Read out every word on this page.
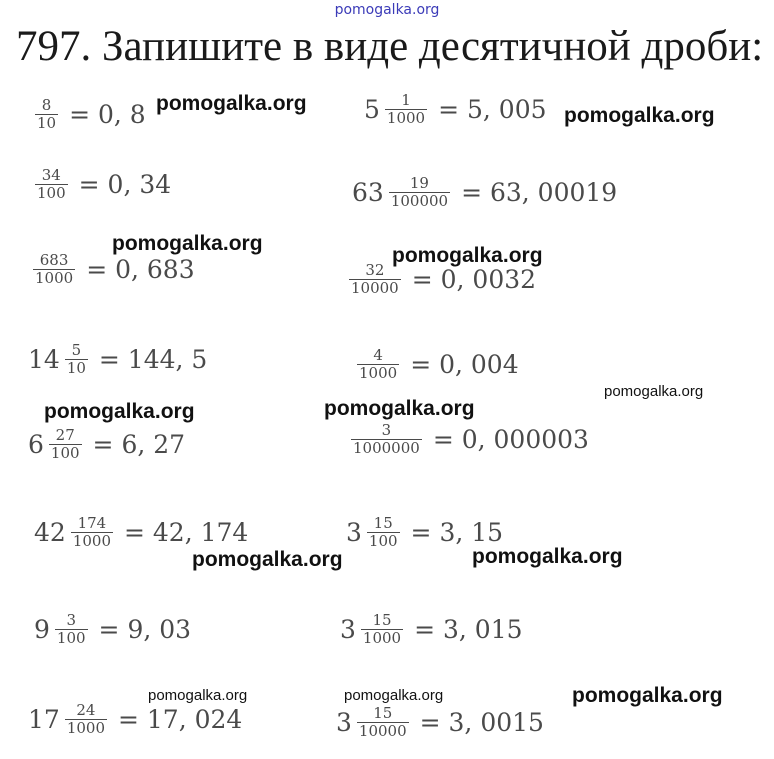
pomogalka.org
797. Запишите в виде десятичной дроби:
$\frac{8}{10} = 0$, 8
$\frac{34}{100} = 0$, 34
$\frac{683}{1000} = 0$, 683
$14 \frac{5}{10} = 144$, 5
$6 \frac{27}{100} = 6$, 27
$42 \frac{174}{1000} = 42$, 174
$9 \frac{3}{100} = 9$, 03
$17 \frac{24}{1000} = 17$, 024
$5 \frac{1}{1000} = 5$, 005
$63 \frac{19}{100000} = 63$, 00019
$\frac{32}{10000} = 0$, 0032
$\frac{4}{1000} = 0$, 004
$\frac{3}{1000000} = 0$, 000003
$3 \frac{15}{100} = 3$, 15
$3 \frac{15}{1000} = 3$, 015
$3 \frac{15}{10000} = 3$, 0015
pomogalka.org
pomogalka.org
pomogalka.org
pomogalka.org
pomogalka.org
pomogalka.org	pomogalka.org
pomogalka.org	pomogalka.org
pomogalka.org	pomogalka.org	pomogalka.org
